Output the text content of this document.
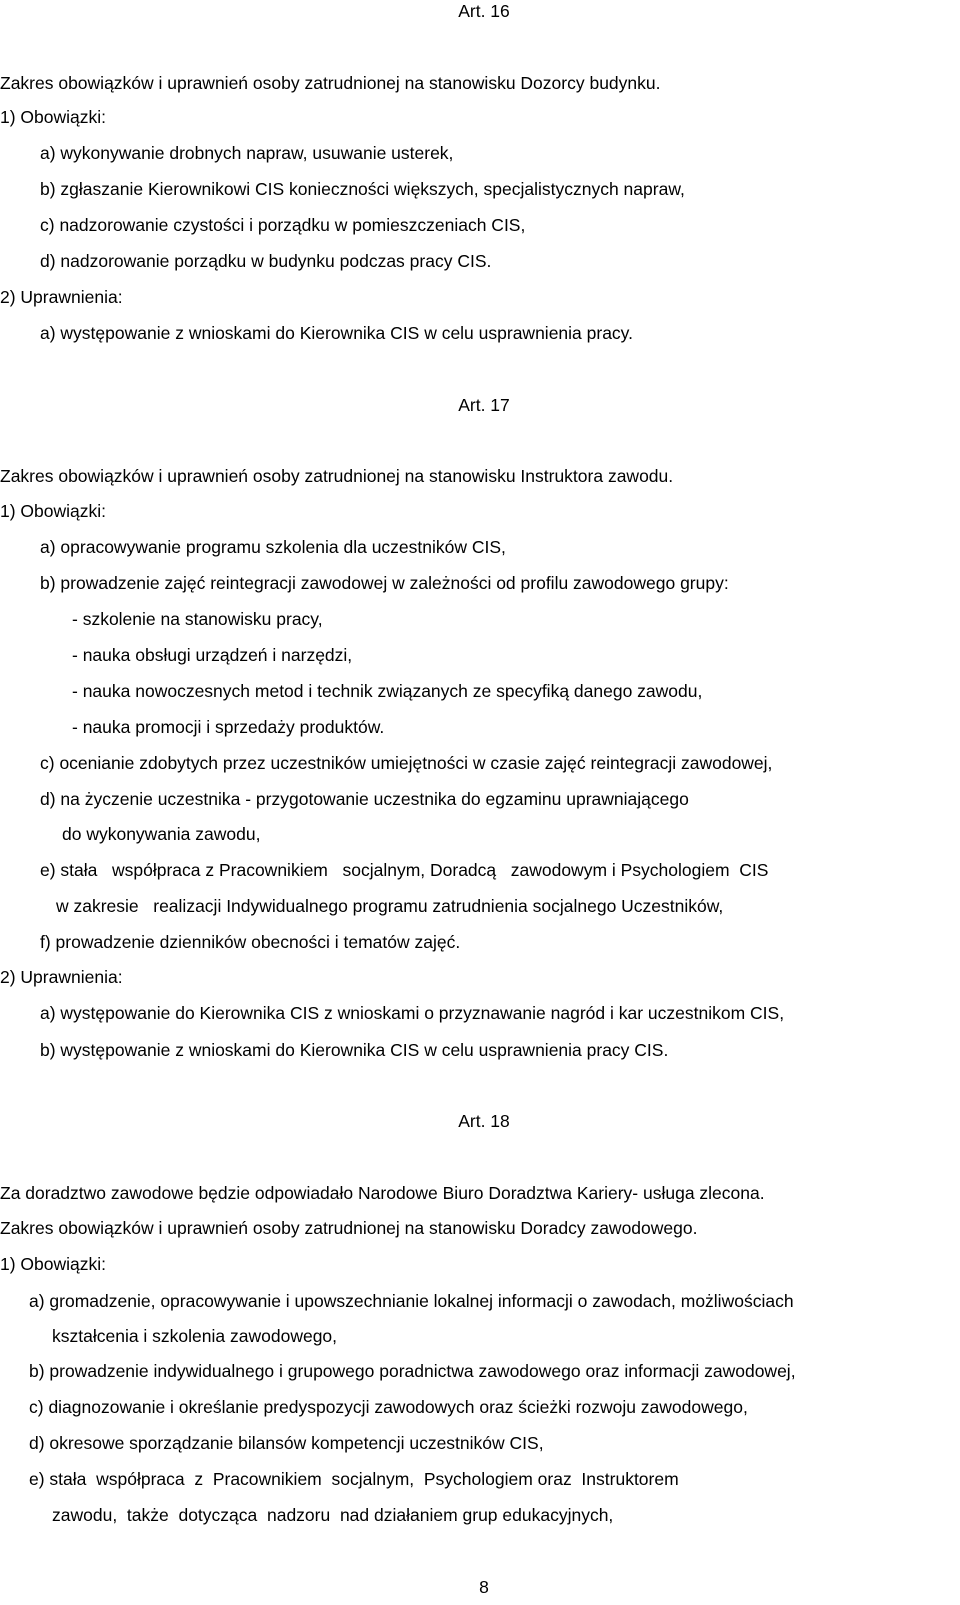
Art. 16
Zakres obowiązków i uprawnień osoby zatrudnionej na stanowisku Dozorcy budynku.
1) Obowiązki:
a) wykonywanie drobnych napraw, usuwanie usterek,
b) zgłaszanie Kierownikowi CIS konieczności większych, specjalistycznych napraw,
c) nadzorowanie czystości i porządku w pomieszczeniach CIS,
d) nadzorowanie porządku w budynku podczas pracy CIS.
2) Uprawnienia:
a) występowanie z wnioskami do Kierownika CIS w celu usprawnienia pracy.
Art. 17
Zakres obowiązków i uprawnień osoby zatrudnionej na stanowisku Instruktora zawodu.
1) Obowiązki:
a) opracowywanie programu szkolenia dla uczestników CIS,
b) prowadzenie zajęć reintegracji zawodowej w zależności od profilu zawodowego grupy:
- szkolenie na stanowisku pracy,
- nauka obsługi urządzeń i narzędzi,
- nauka nowoczesnych metod i technik związanych ze specyfiką danego zawodu,
- nauka promocji i sprzedaży produktów.
c) ocenianie zdobytych przez uczestników umiejętności w czasie zajęć reintegracji zawodowej,
d) na życzenie uczestnika - przygotowanie uczestnika do egzaminu uprawniającego
do wykonywania zawodu,
e) stała   współpraca z Pracownikiem   socjalnym, Doradcą   zawodowym i Psychologiem  CIS
w zakresie   realizacji Indywidualnego programu zatrudnienia socjalnego Uczestników,
f) prowadzenie dzienników obecności i tematów zajęć.
2) Uprawnienia:
a) występowanie do Kierownika CIS z wnioskami o przyznawanie nagród i kar uczestnikom CIS,
b) występowanie z wnioskami do Kierownika CIS w celu usprawnienia pracy CIS.
Art. 18
Za doradztwo zawodowe będzie odpowiadało Narodowe Biuro Doradztwa Kariery- usługa zlecona.
Zakres obowiązków i uprawnień osoby zatrudnionej na stanowisku Doradcy zawodowego.
1) Obowiązki:
a) gromadzenie, opracowywanie i upowszechnianie lokalnej informacji o zawodach, możliwościach
kształcenia i szkolenia zawodowego,
b) prowadzenie indywidualnego i grupowego poradnictwa zawodowego oraz informacji zawodowej,
c) diagnozowanie i określanie predyspozycji zawodowych oraz ścieżki rozwoju zawodowego,
d) okresowe sporządzanie bilansów kompetencji uczestników CIS,
e) stała  współpraca  z  Pracownikiem  socjalnym,  Psychologiem oraz  Instruktorem
zawodu,  także  dotycząca  nadzoru  nad działaniem grup edukacyjnych,
8
